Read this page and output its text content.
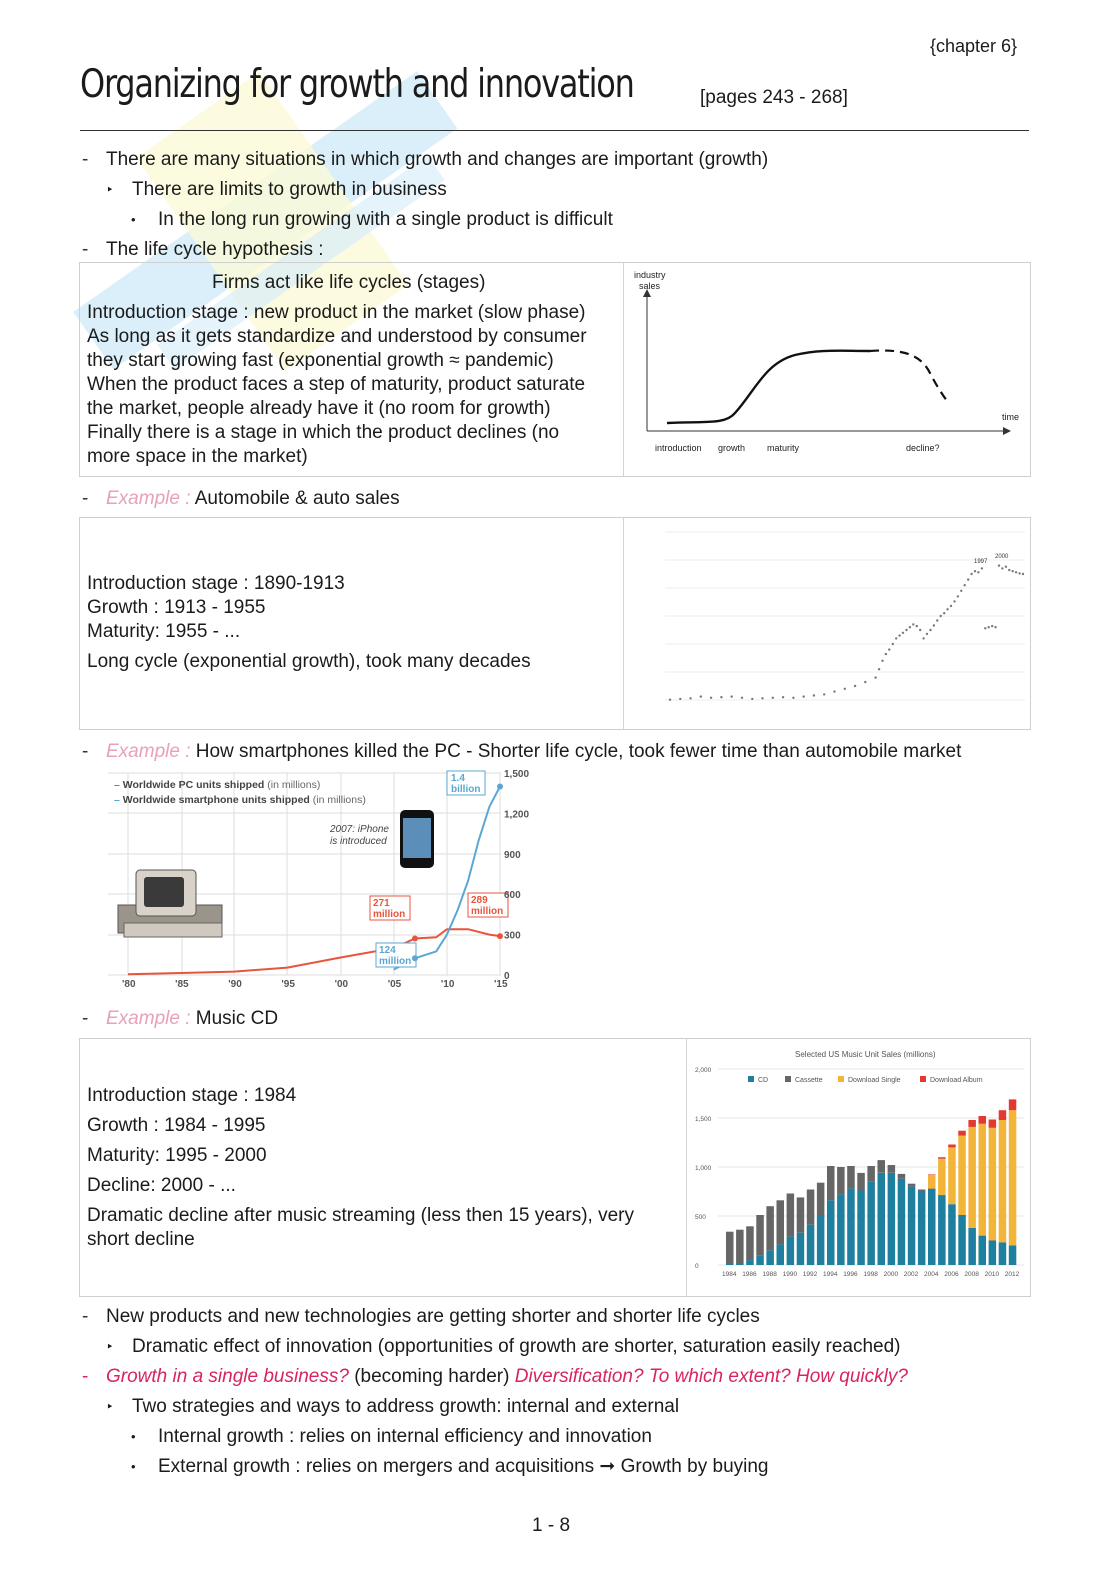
{chapter 6}
Organizing for growth and innovation	[pages 243 - 268]
- There are many situations in which growth and changes are important (growth)
‣ There are limits to growth in business
• In the long run growing with a single product is difficult
- The life cycle hypothesis :
Firms act like life cycles (stages)
Introduction stage : new product in the market (slow phase)
As long as it gets standardize and understood by consumer
they start growing fast (exponential growth ≈ pandemic)
When the product faces a step of maturity, product saturate
the market, people already have it (no room for growth)
Finally there is a stage in which the product declines (no
more space in the market)
industry
sales
time
introduction growth maturity	decline?
- Example : Automobile & auto sales
Introduction stage : 1890-1913
Growth : 1913 - 1955
Maturity: 1955 - ...
Long cycle (exponential growth), took many decades
1997
2000
- Example : How smartphones killed the PC - Shorter life cycle, took fewer time than automobile market
– Worldwide PC units shipped (in millions)
– Worldwide smartphone units shipped (in millions)
2007: iPhone
is introduced
1.4
billion
271
million
124
million
289
million
'80	'85	'90	'95	'00	'05	'10	'15
1,500
1,200
900
600
300
0
- Example : Music CD
Introduction stage : 1984
Growth : 1984 - 1995
Maturity: 1995 - 2000
Decline: 2000 - ...
Dramatic decline after music streaming (less then 15 years), very
short decline
Selected US Music Unit Sales (millions)
CD	Cassette	Download Single	Download Album
2,000
1,500
1,000
500
0
1984 1986 1988 1990 1992 1994 1996 1998 2000 2002 2004 2006 2008 2010 2012
- New products and new technologies are getting shorter and shorter life cycles
‣ Dramatic effect of innovation (opportunities of growth are shorter, saturation easily reached)
- Growth in a single business? (becoming harder) Diversification? To which extent? How quickly?
‣ Two strategies and ways to address growth: internal and external
• Internal growth : relies on internal efficiency and innovation
• External growth : relies on mergers and acquisitions ➞ Growth by buying
1 - 8
